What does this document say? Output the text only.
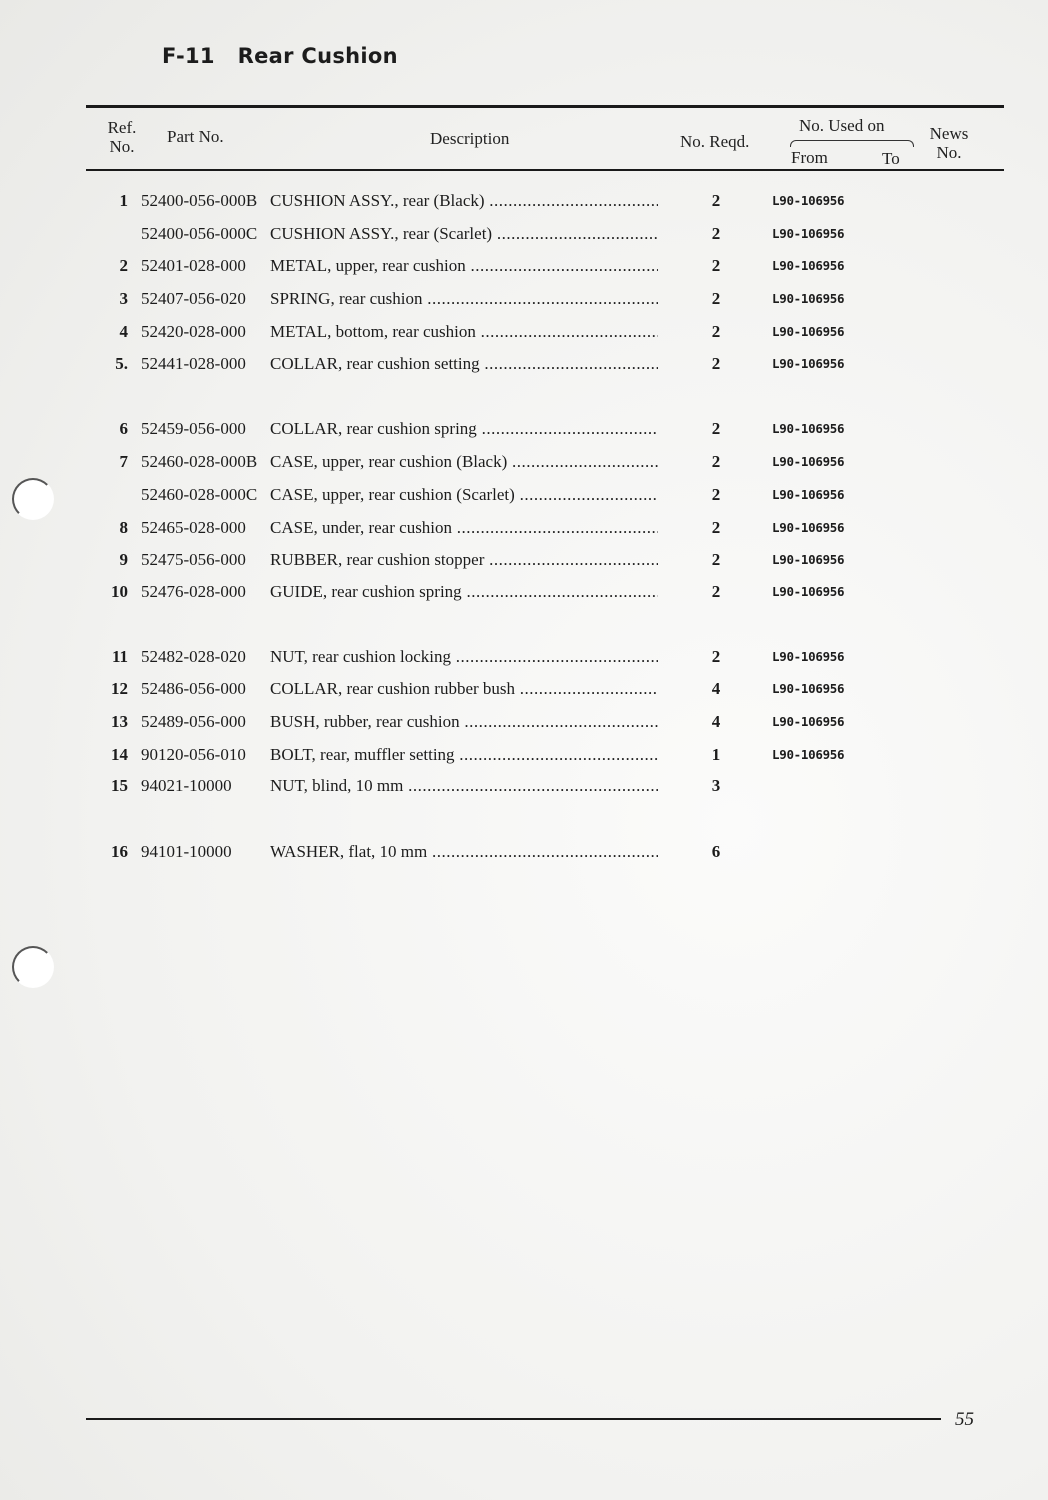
F-11   Rear Cushion
Ref. No.
Part No.	Description	No. Reqd.
No. Used on
From	To
News No.
1 52400-056-000B CUSHION ASSY., rear (Black) .....	2	L90-106956
52400-056-000C CUSHION ASSY., rear (Scarlet) .....	2	L90-106956
2 52401-028-000 METAL, upper, rear cushion .....	2	L90-106956
3 52407-056-020 SPRING, rear cushion .....	2	L90-106956
4 52420-028-000 METAL, bottom, rear cushion .....	2	L90-106956
5. 52441-028-000 COLLAR, rear cushion setting .....	2	L90-106956
6 52459-056-000 COLLAR, rear cushion spring .....	2	L90-106956
7 52460-028-000B CASE, upper, rear cushion (Black) .....	2	L90-106956
52460-028-000C CASE, upper, rear cushion (Scarlet) .....	2	L90-106956
8 52465-028-000 CASE, under, rear cushion .....	2	L90-106956
9 52475-056-000 RUBBER, rear cushion stopper .....	2	L90-106956
10 52476-028-000 GUIDE, rear cushion spring .....	2	L90-106956
11 52482-028-020 NUT, rear cushion locking .....	2	L90-106956
12 52486-056-000 COLLAR, rear cushion rubber bush .....	4	L90-106956
13 52489-056-000 BUSH, rubber, rear cushion .....	4	L90-106956
14 90120-056-010 BOLT, rear, muffler setting .....	1	L90-106956
15 94021-10000 NUT, blind, 10 mm .....	3
16 94101-10000 WASHER, flat, 10 mm .....	6
55
